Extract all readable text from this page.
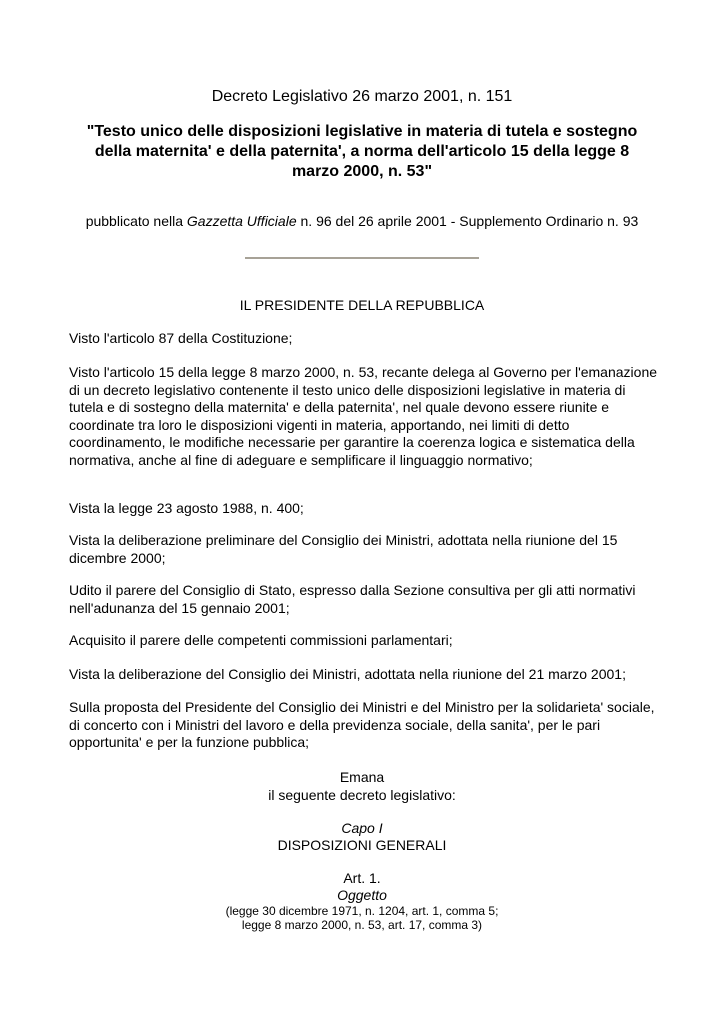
Decreto Legislativo 26 marzo 2001, n. 151
"Testo unico delle disposizioni legislative in materia di tutela e sostegno della maternita' e della paternita', a norma dell'articolo 15 della legge 8 marzo 2000, n. 53"
pubblicato nella Gazzetta Ufficiale n. 96 del 26 aprile 2001 - Supplemento Ordinario n. 93
IL PRESIDENTE DELLA REPUBBLICA
Visto l'articolo 87 della Costituzione;
Visto l'articolo 15 della legge 8 marzo 2000, n. 53, recante delega al Governo per l'emanazione di un decreto legislativo contenente il testo unico delle disposizioni legislative in materia di tutela e di sostegno della maternita' e della paternita', nel quale devono essere riunite e coordinate tra loro le disposizioni vigenti in materia, apportando, nei limiti di detto coordinamento, le modifiche necessarie per garantire la coerenza logica e sistematica della normativa, anche al fine di adeguare e semplificare il linguaggio normativo;
Vista la legge 23 agosto 1988, n. 400;
Vista la deliberazione preliminare del Consiglio dei Ministri, adottata nella riunione del 15 dicembre 2000;
Udito il parere del Consiglio di Stato, espresso dalla Sezione consultiva per gli atti normativi nell'adunanza del 15 gennaio 2001;
Acquisito il parere delle competenti commissioni parlamentari;
Vista la deliberazione del Consiglio dei Ministri, adottata nella riunione del 21 marzo 2001;
Sulla proposta del Presidente del Consiglio dei Ministri e del Ministro per la solidarieta' sociale, di concerto con i Ministri del lavoro e della previdenza sociale, della sanita', per le pari opportunita' e per la funzione pubblica;
Emana
il seguente decreto legislativo:
Capo I
DISPOSIZIONI GENERALI
Art. 1.
Oggetto
(legge 30 dicembre 1971, n. 1204, art. 1, comma 5;
legge 8 marzo 2000, n. 53, art. 17, comma 3)
